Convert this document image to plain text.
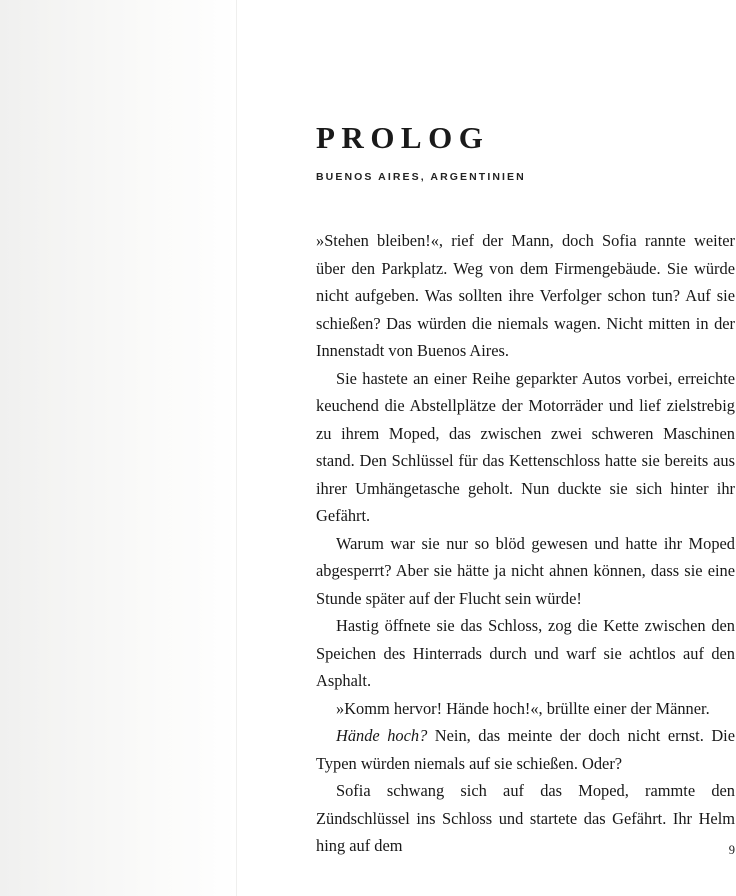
PROLOG
BUENOS AIRES, ARGENTINIEN

»Stehen bleiben!«, rief der Mann, doch Sofia rannte weiter über den Parkplatz. Weg von dem Firmengebäude. Sie würde nicht aufgeben. Was sollten ihre Verfolger schon tun? Auf sie schießen? Das würden die niemals wagen. Nicht mitten in der Innenstadt von Buenos Aires.

Sie hastete an einer Reihe geparkter Autos vorbei, erreichte keuchend die Abstellplätze der Motorräder und lief zielstrebig zu ihrem Moped, das zwischen zwei schweren Maschinen stand. Den Schlüssel für das Kettenschloss hatte sie bereits aus ihrer Umhängetasche geholt. Nun duckte sie sich hinter ihr Gefährt.

Warum war sie nur so blöd gewesen und hatte ihr Moped abgesperrt? Aber sie hätte ja nicht ahnen können, dass sie eine Stunde später auf der Flucht sein würde!

Hastig öffnete sie das Schloss, zog die Kette zwischen den Speichen des Hinterrads durch und warf sie achtlos auf den Asphalt.

»Komm hervor! Hände hoch!«, brüllte einer der Männer.

Hände hoch? Nein, das meinte der doch nicht ernst. Die Typen würden niemals auf sie schießen. Oder?

Sofia schwang sich auf das Moped, rammte den Zündschlüssel ins Schloss und startete das Gefährt. Ihr Helm hing auf dem	9
